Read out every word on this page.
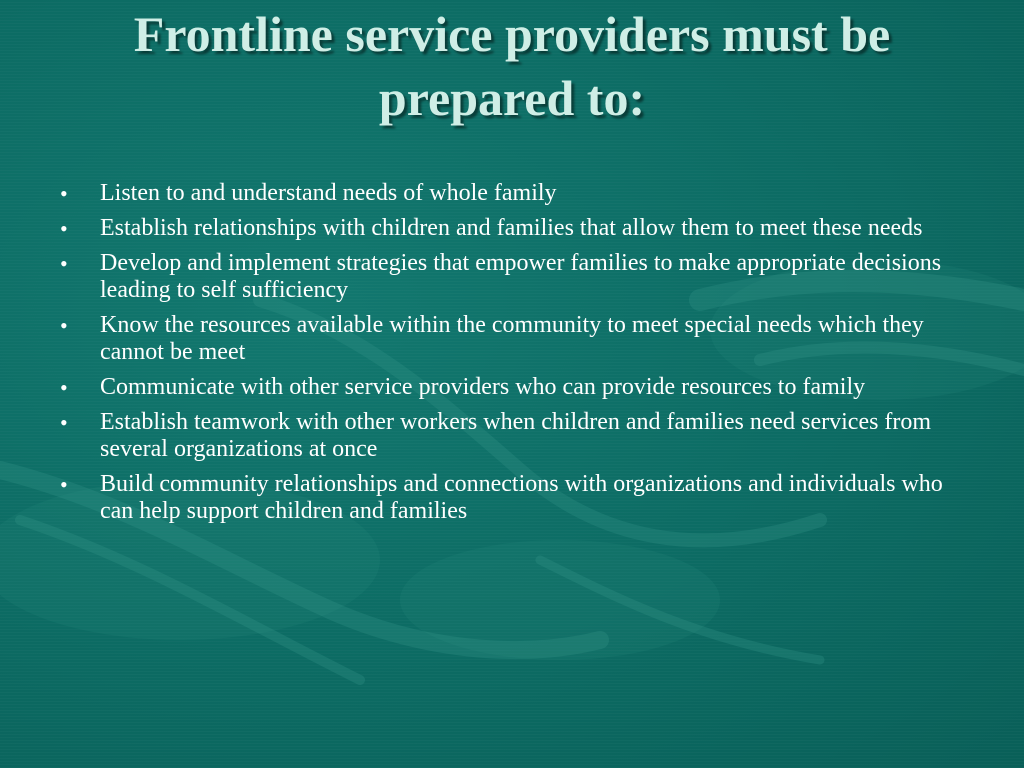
Frontline service providers must be prepared to:
•	Listen to and understand needs of whole family
•	Establish relationships with children and families that allow them to meet these needs
•	Develop and implement strategies that empower families to make appropriate decisions leading to self sufficiency
•	Know the resources available within the community to meet special needs which they cannot be meet
•	Communicate with other service providers who can provide resources to family
•	Establish teamwork with other workers when children and families need services from several organizations at once
•	Build community relationships and connections with organizations and individuals who can help support children and families
